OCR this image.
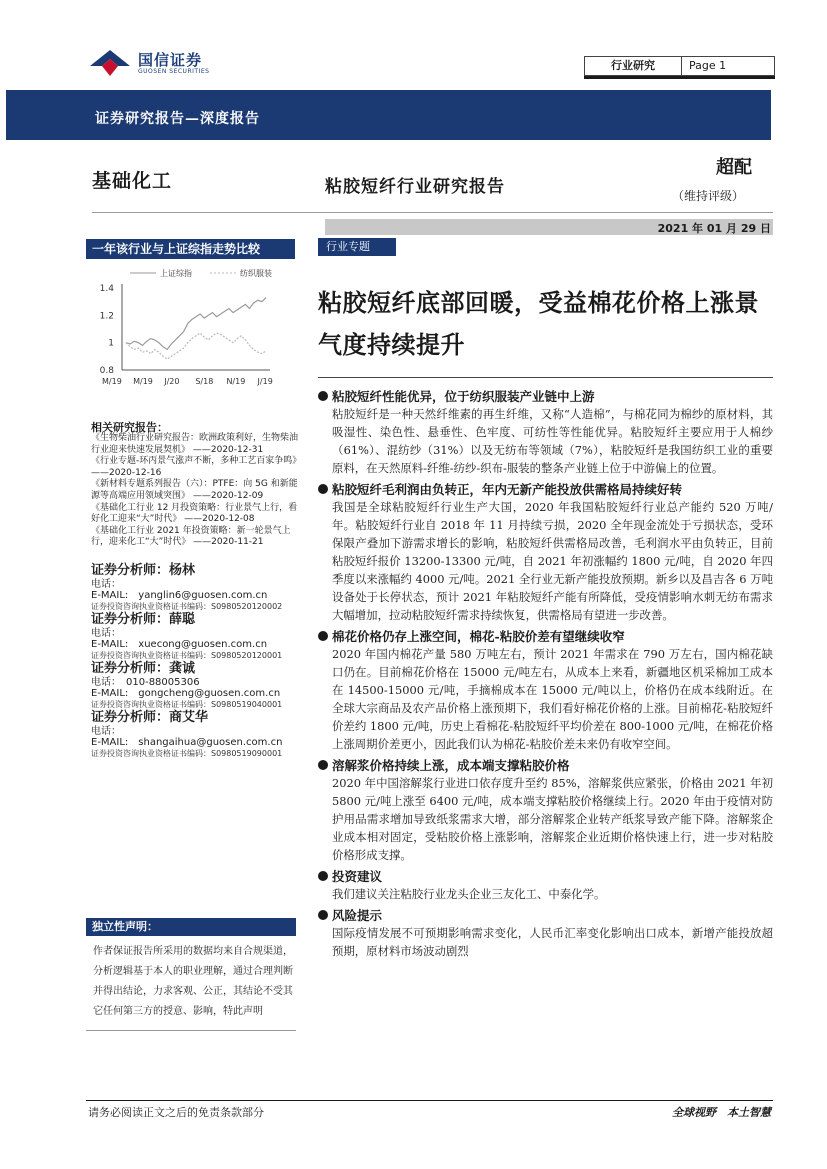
国信证券
GUOSEN SECURITIES	行业研究	Page 1
证券研究报告—深度报告
基础化工	粘胶短纤行业研究报告
超配
（维持评级）
2021 年 01 月 29 日
一年该行业与上证综指走势比较
1.4
1.2
1
0.8
M/19 M/19 J/20 S/18 N/19 J/19
上证综指	纺织服装
相关研究报告：
《生物柴油行业研究报告：欧洲政策利好，生物柴油行业迎来快速发展契机》 ——2020-12-31
《行业专题-环丙景气涨声不断，多种工艺百家争鸣》 ——2020-12-16
《新材料专题系列报告（六）：PTFE：向 5G 和新能源等高端应用领域突围》 ——2020-12-09
《基础化工行业 12 月投资策略：行业景气上行，看好化工迎来“大”时代》 ——2020-12-08
《基础化工行业 2021 年投资策略：新一轮景气上行，迎来化工“大”时代》 ——2020-11-21
证券分析师：杨林
电话：
E-MAIL:　yanglin6@guosen.com.cn
证券投资咨询执业资格证书编码：S0980520120002
证券分析师：薛聪
电话：
E-MAIL:　xuecong@guosen.com.cn
证券投资咨询执业资格证书编码：S0980520120001
证券分析师：龚诚
电话：　010-88005306
E-MAIL:　gongcheng@guosen.com.cn
证券投资咨询执业资格证书编码：S0980519040001
证券分析师：商艾华
电话：
E-MAIL:　shangaihua@guosen.com.cn
证券投资咨询执业资格证书编码：S0980519090001
独立性声明：
作者保证报告所采用的数据均来自合规渠道，分析逻辑基于本人的职业理解，通过合理判断并得出结论，力求客观、公正，其结论不受其它任何第三方的授意、影响，特此声明
行业专题
粘胶短纤底部回暖，受益棉花价格上涨景气度持续提升
粘胶短纤性能优异，位于纺织服装产业链中上游
粘胶短纤是一种天然纤维素的再生纤维，又称“人造棉”，与棉花同为棉纱的原材料，其吸湿性、染色性、悬垂性、色牢度、可纺性等性能优异。粘胶短纤主要应用于人棉纱（61%）、混纺纱（31%）以及无纺布等领域（7%），粘胶短纤是我国纺织工业的重要原料，在天然原料-纤维-纺纱-织布-服装的整条产业链上位于中游偏上的位置。
粘胶短纤毛利润由负转正，年内无新产能投放供需格局持续好转
我国是全球粘胶短纤行业生产大国，2020 年我国粘胶短纤行业总产能约 520 万吨/年。粘胶短纤行业自 2018 年 11 月持续亏损，2020 全年现金流处于亏损状态，受环保限产叠加下游需求增长的影响，粘胶短纤供需格局改善，毛利润水平由负转正，目前粘胶短纤报价 13200-13300 元/吨，自 2021 年初涨幅约 1800 元/吨，自 2020 年四季度以来涨幅约 4000 元/吨。2021 全行业无新产能投放预期。新乡以及昌吉各 6 万吨设备处于长停状态，预计 2021 年粘胶短纤产能有所降低，受疫情影响水刺无纺布需求大幅增加，拉动粘胶短纤需求持续恢复，供需格局有望进一步改善。
棉花价格仍存上涨空间，棉花-粘胶价差有望继续收窄
2020 年国内棉花产量 580 万吨左右，预计 2021 年需求在 790 万左右，国内棉花缺口仍在。目前棉花价格在 15000 元/吨左右，从成本上来看，新疆地区机采棉加工成本在 14500-15000 元/吨，手摘棉成本在 15000 元/吨以上，价格仍在成本线附近。在全球大宗商品及农产品价格上涨预期下，我们看好棉花价格的上涨。目前棉花-粘胶短纤价差约 1800 元/吨，历史上看棉花-粘胶短纤平均价差在 800-1000 元/吨，在棉花价格上涨周期价差更小，因此我们认为棉花-粘胶价差未来仍有收窄空间。
溶解浆价格持续上涨，成本端支撑粘胶价格
2020 年中国溶解浆行业进口依存度升至约 85%，溶解浆供应紧张，价格由 2021 年初 5800 元/吨上涨至 6400 元/吨，成本端支撑粘胶价格继续上行。2020 年由于疫情对防护用品需求增加导致纸浆需求大增，部分溶解浆企业转产纸浆导致产能下降。溶解浆企业成本相对固定，受粘胶价格上涨影响，溶解浆企业近期价格快速上行，进一步对粘胶价格形成支撑。
投资建议
我们建议关注粘胶行业龙头企业三友化工、中泰化学。
风险提示
国际疫情发展不可预期影响需求变化，人民币汇率变化影响出口成本，新增产能投放超预期，原材料市场波动剧烈
请务必阅读正文之后的免责条款部分	全球视野　本土智慧
